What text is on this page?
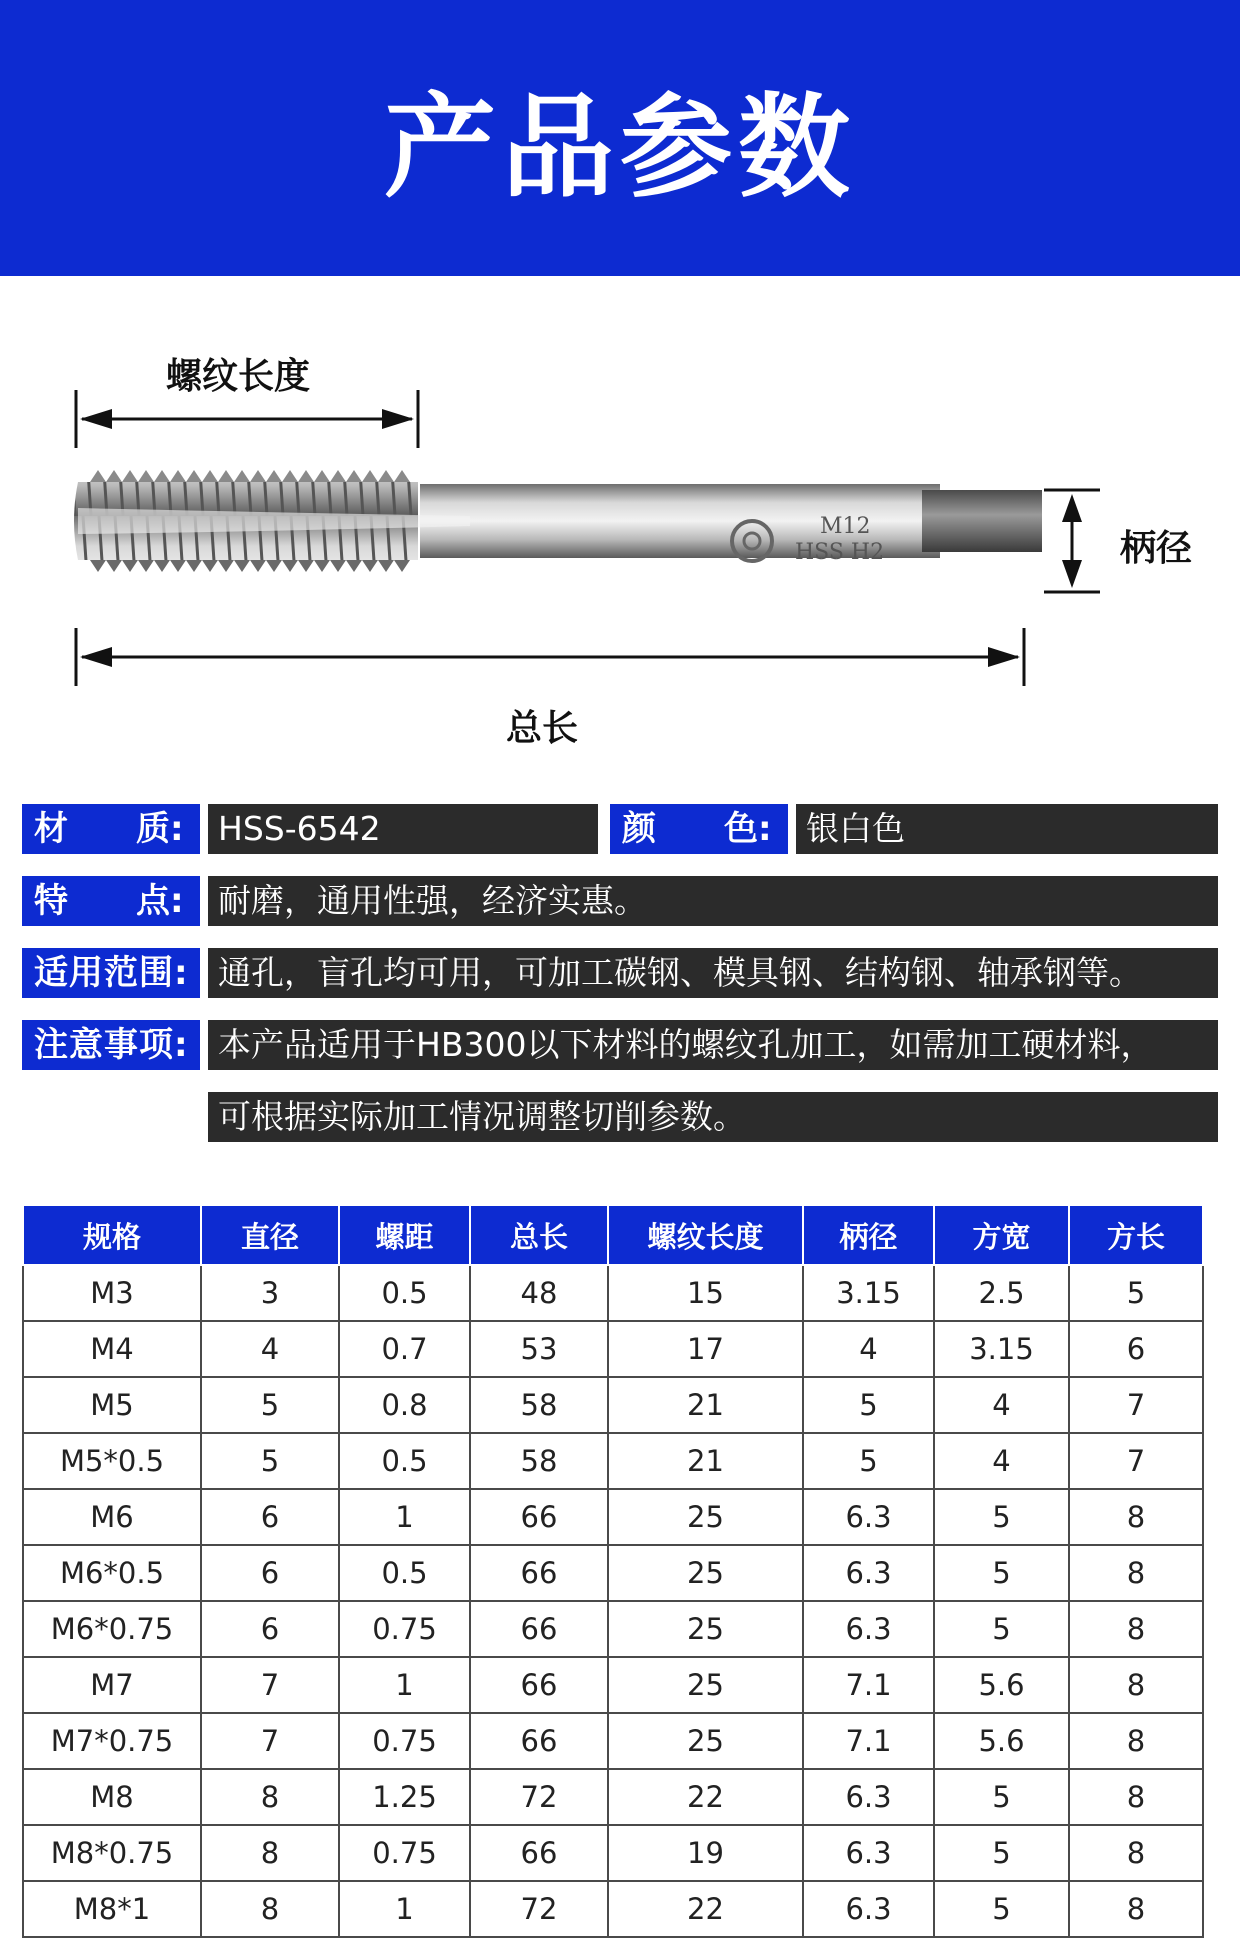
产品参数
M12
HSS H2
螺纹长度
柄径
总长
材　　质:	HSS-6542	颜　　色:	银白色
特　　点:	耐磨，通用性强，经济实惠。
适用范围: 通孔，盲孔均可用，可加工碳钢、模具钢、结构钢、轴承钢等。
注意事项: 本产品适用于HB300以下材料的螺纹孔加工，如需加工硬材料，
可根据实际加工情况调整切削参数。
规格	直径	螺距	总长	螺纹长度	柄径	方宽	方长
M3	3	0.5	48	15	3.15	2.5	5
M4	4	0.7	53	17	4	3.15	6
M5	5	0.8	58	21	5	4	7
M5*0.5	5	0.5	58	21	5	4	7
M6	6	1	66	25	6.3	5	8
M6*0.5	6	0.5	66	25	6.3	5	8
M6*0.75	6	0.75	66	25	6.3	5	8
M7	7	1	66	25	7.1	5.6	8
M7*0.75	7	0.75	66	25	7.1	5.6	8
M8	8	1.25	72	22	6.3	5	8
M8*0.75	8	0.75	66	19	6.3	5	8
M8*1	8	1	72	22	6.3	5	8
